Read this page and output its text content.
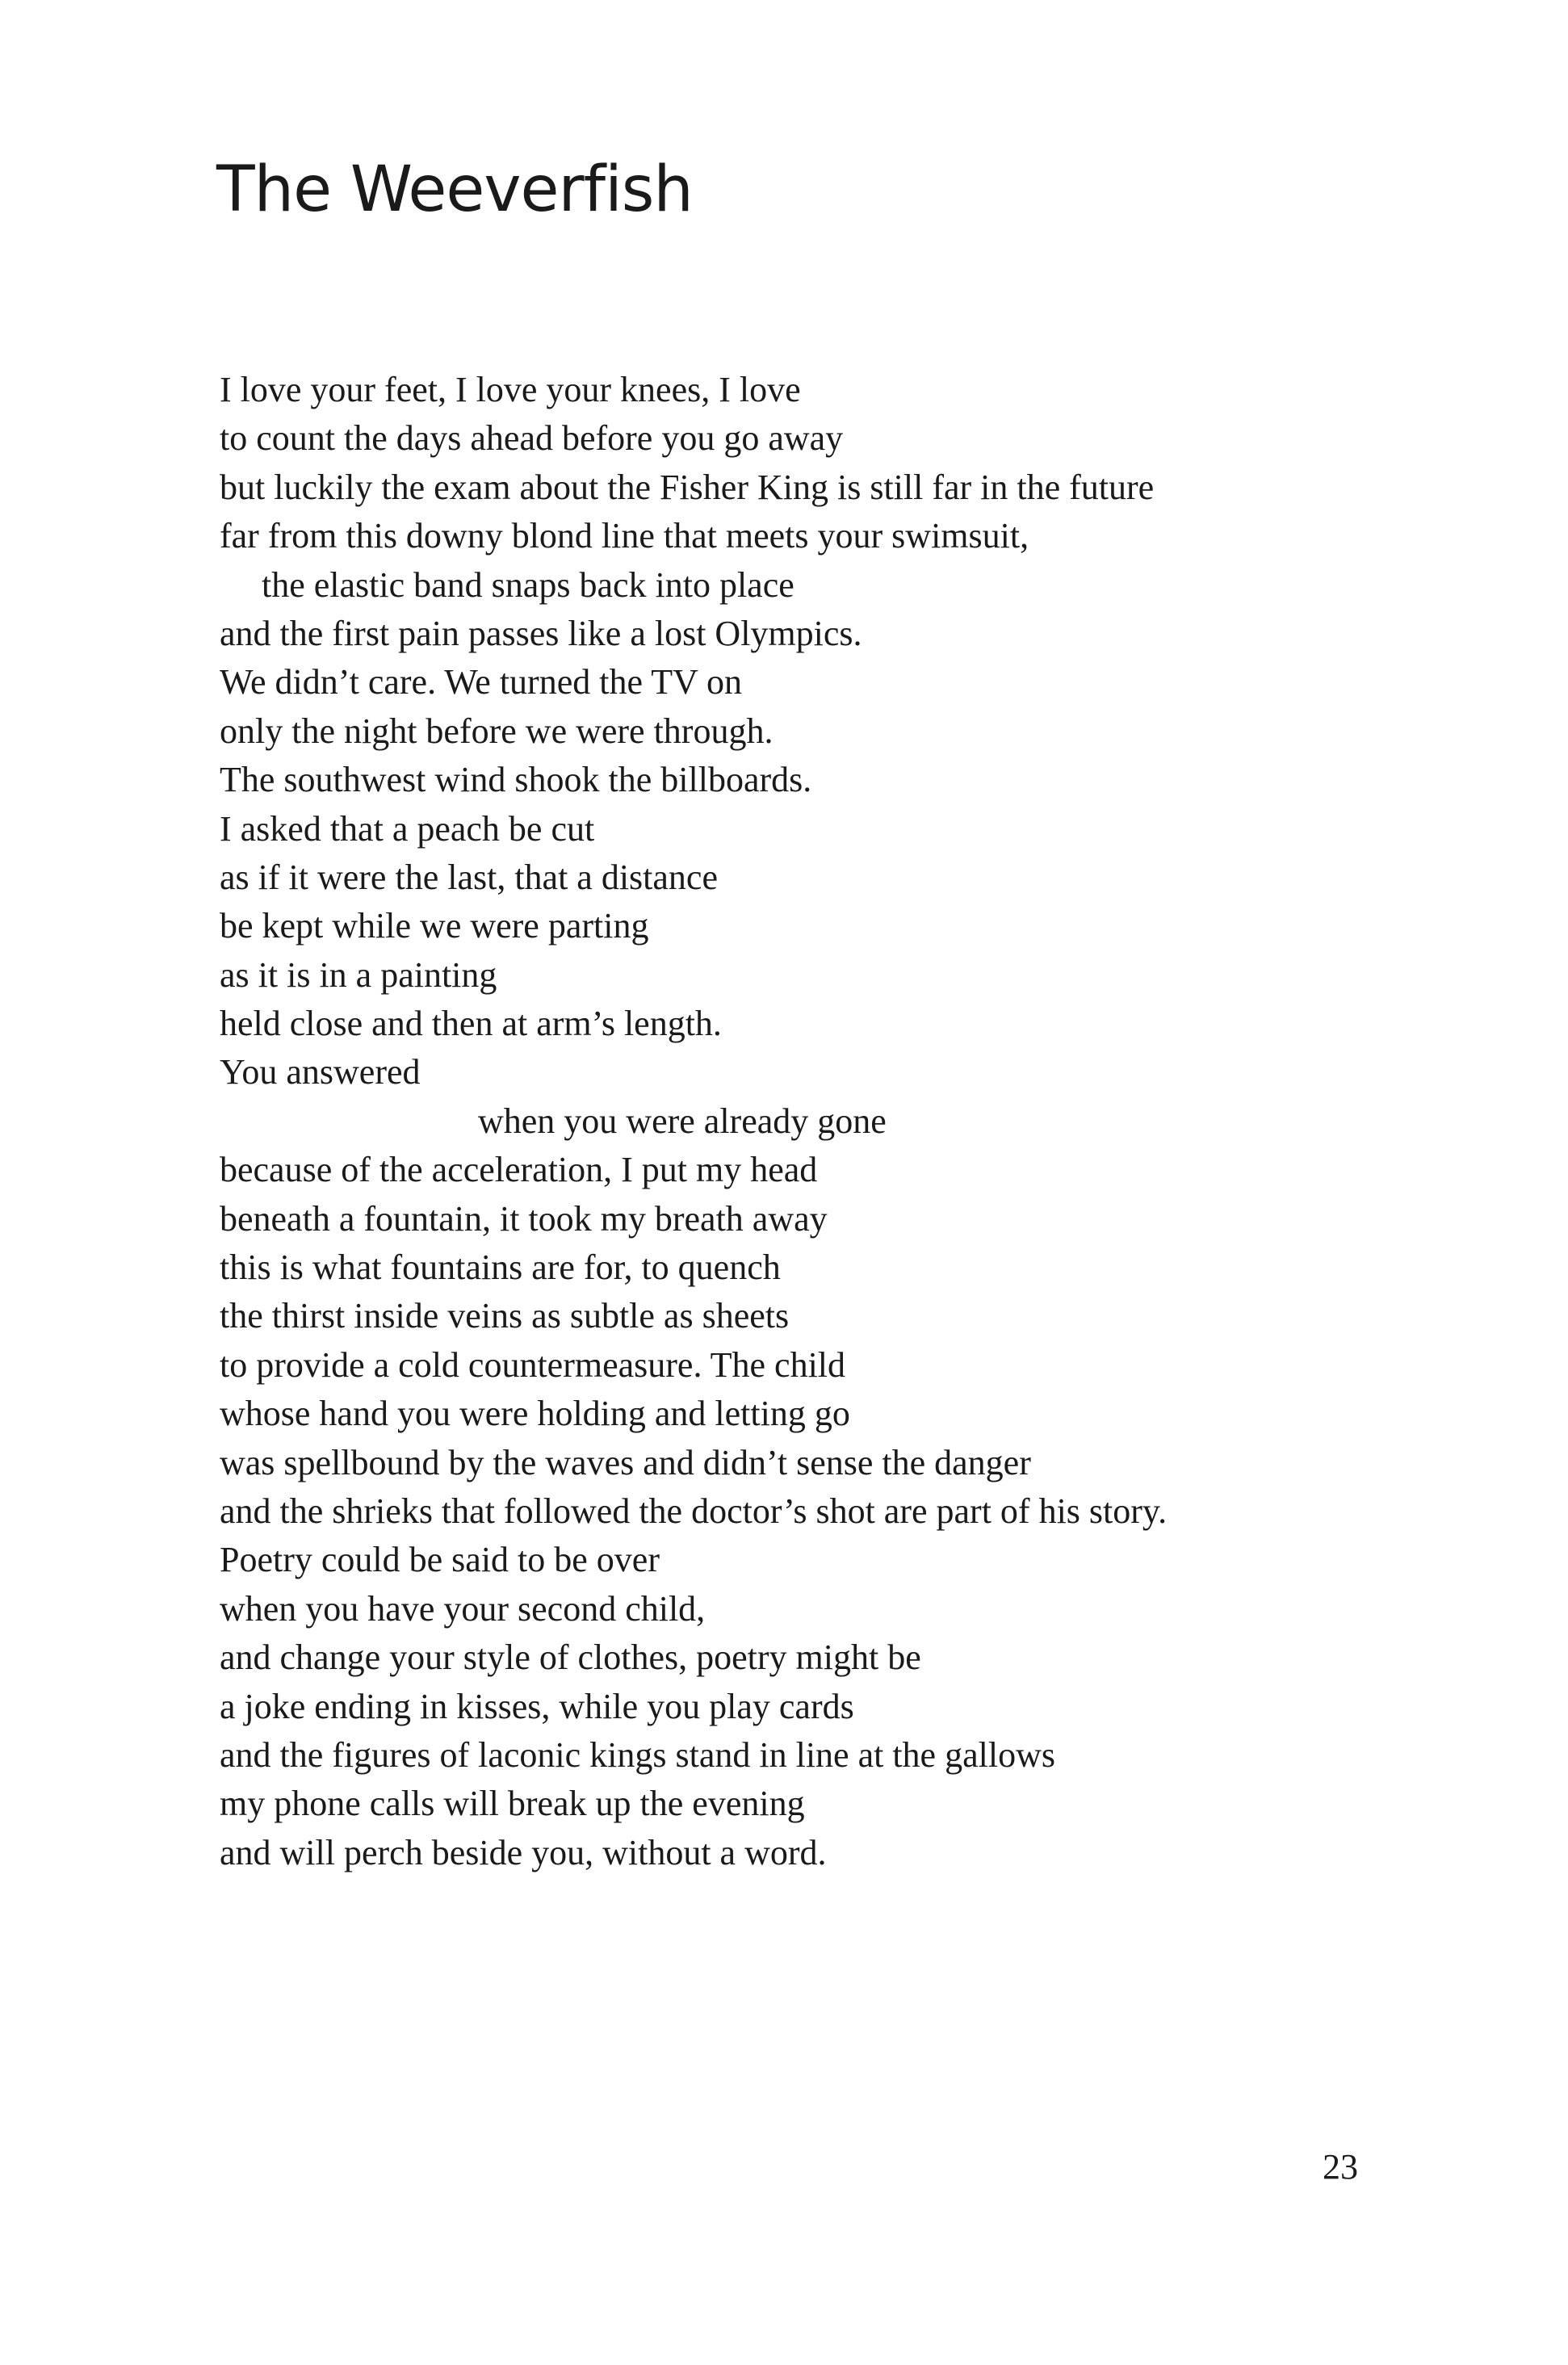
The Weeverfish
I love your feet, I love your knees, I love
to count the days ahead before you go away
but luckily the exam about the Fisher King is still far in the future
far from this downy blond line that meets your swimsuit,
the elastic band snaps back into place
and the first pain passes like a lost Olympics.
We didn’t care. We turned the TV on
only the night before we were through.
The southwest wind shook the billboards.
I asked that a peach be cut
as if it were the last, that a distance
be kept while we were parting
as it is in a painting
held close and then at arm’s length.
You answered
when you were already gone
because of the acceleration, I put my head
beneath a fountain, it took my breath away
this is what fountains are for, to quench
the thirst inside veins as subtle as sheets
to provide a cold countermeasure. The child
whose hand you were holding and letting go
was spellbound by the waves and didn’t sense the danger
and the shrieks that followed the doctor’s shot are part of his story.
Poetry could be said to be over
when you have your second child,
and change your style of clothes, poetry might be
a joke ending in kisses, while you play cards
and the figures of laconic kings stand in line at the gallows
my phone calls will break up the evening
and will perch beside you, without a word.
23
